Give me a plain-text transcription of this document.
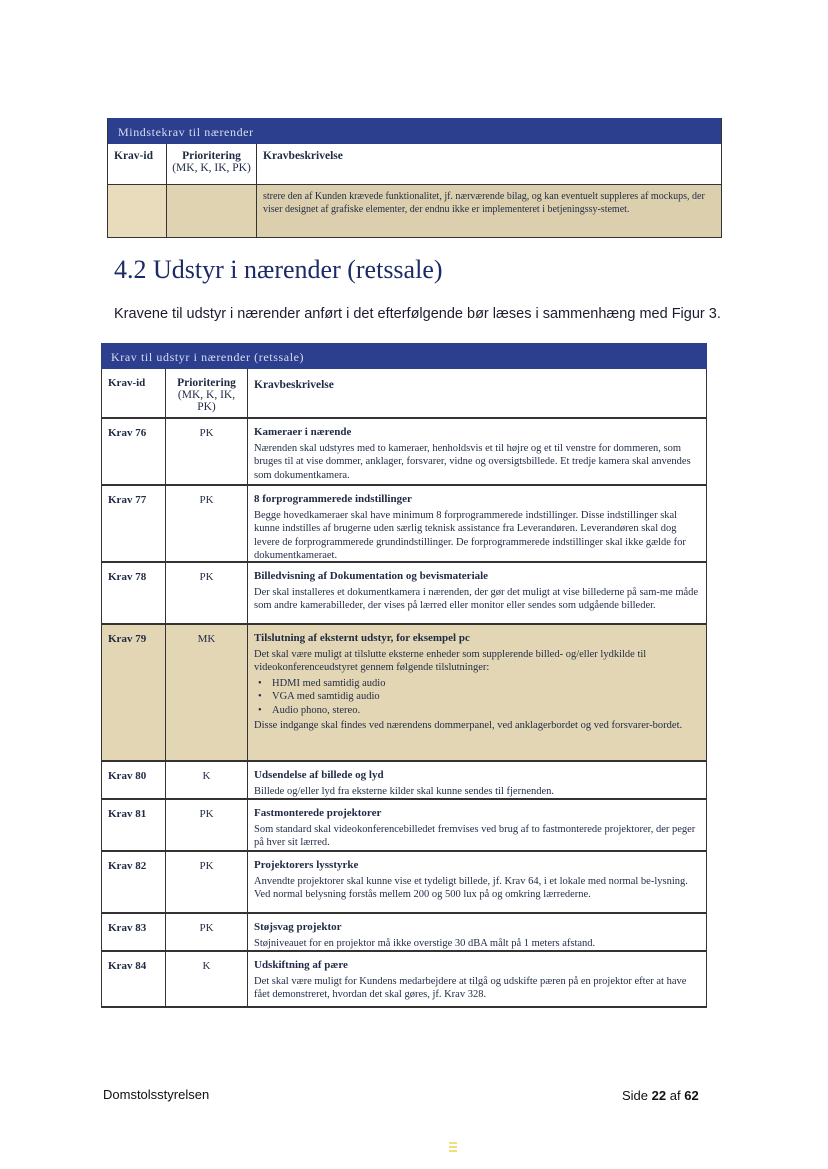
Mindstekrav til nærender
Krav-id	Prioritering
(MK, K, IK, PK)
Kravbeskrivelse
strere den af Kunden krævede funktionalitet, jf. nærværende bilag, og kan eventuelt suppleres af mockups, der viser designet af grafiske elementer, der endnu ikke er implementeret i betjeningssy-stemet.
4.2 Udstyr i nærender (retssale)
Kravene til udstyr i nærender anført i det efterfølgende bør læses i sammenhæng med Figur 3.
Krav til udstyr i nærender (retssale)
Krav-id	Prioritering
(MK, K, IK, PK)
Kravbeskrivelse
Krav 76	PK	Kameraer i nærende
Nærenden skal udstyres med to kameraer, henholdsvis et til højre og et til venstre for dommeren, som bruges til at vise dommer, anklager, forsvarer, vidne og oversigtsbillede. Et tredje kamera skal anvendes som dokumentkamera.
Krav 77	PK	8 forprogrammerede indstillinger
Begge hovedkameraer skal have minimum 8 forprogrammerede indstillinger. Disse indstillinger skal kunne indstilles af brugerne uden særlig teknisk assistance fra Leverandøren. Leverandøren skal dog levere de forprogrammerede grundindstillinger. De forprogrammerede indstillinger skal ikke gælde for dokumentkameraet.
Krav 78	PK	Billedvisning af Dokumentation og bevismateriale
Der skal installeres et dokumentkamera i nærenden, der gør det muligt at vise billederne på sam-me måde som andre kamerabilleder, der vises på lærred eller monitor eller sendes som udgående billeder.
Krav 79	MK	Tilslutning af eksternt udstyr, for eksempel pc
Det skal være muligt at tilslutte eksterne enheder som supplerende billed- og/eller lydkilde til videokonferenceudstyret gennem følgende tilslutninger:
• HDMI med samtidig audio
• VGA med samtidig audio
• Audio phono, stereo.
Disse indgange skal findes ved nærendens dommerpanel, ved anklagerbordet og ved forsvarer-bordet.
Krav 80	K	Udsendelse af billede og lyd
Billede og/eller lyd fra eksterne kilder skal kunne sendes til fjernenden.
Krav 81	PK	Fastmonterede projektorer
Som standard skal videokonferencebilledet fremvises ved brug af to fastmonterede projektorer, der peger på hver sit lærred.
Krav 82	PK	Projektorers lysstyrke
Anvendte projektorer skal kunne vise et tydeligt billede, jf. Krav 64, i et lokale med normal be-lysning. Ved normal belysning forstås mellem 200 og 500 lux på og omkring lærrederne.
Krav 83	PK	Støjsvag projektor
Støjniveauet for en projektor må ikke overstige 30 dBA målt på 1 meters afstand.
Krav 84	K	Udskiftning af pære
Det skal være muligt for Kundens medarbejdere at tilgå og udskifte pæren på en projektor efter at have fået demonstreret, hvordan det skal gøres, jf. Krav 328.
Domstolsstyrelsen	Side 22 af 62
